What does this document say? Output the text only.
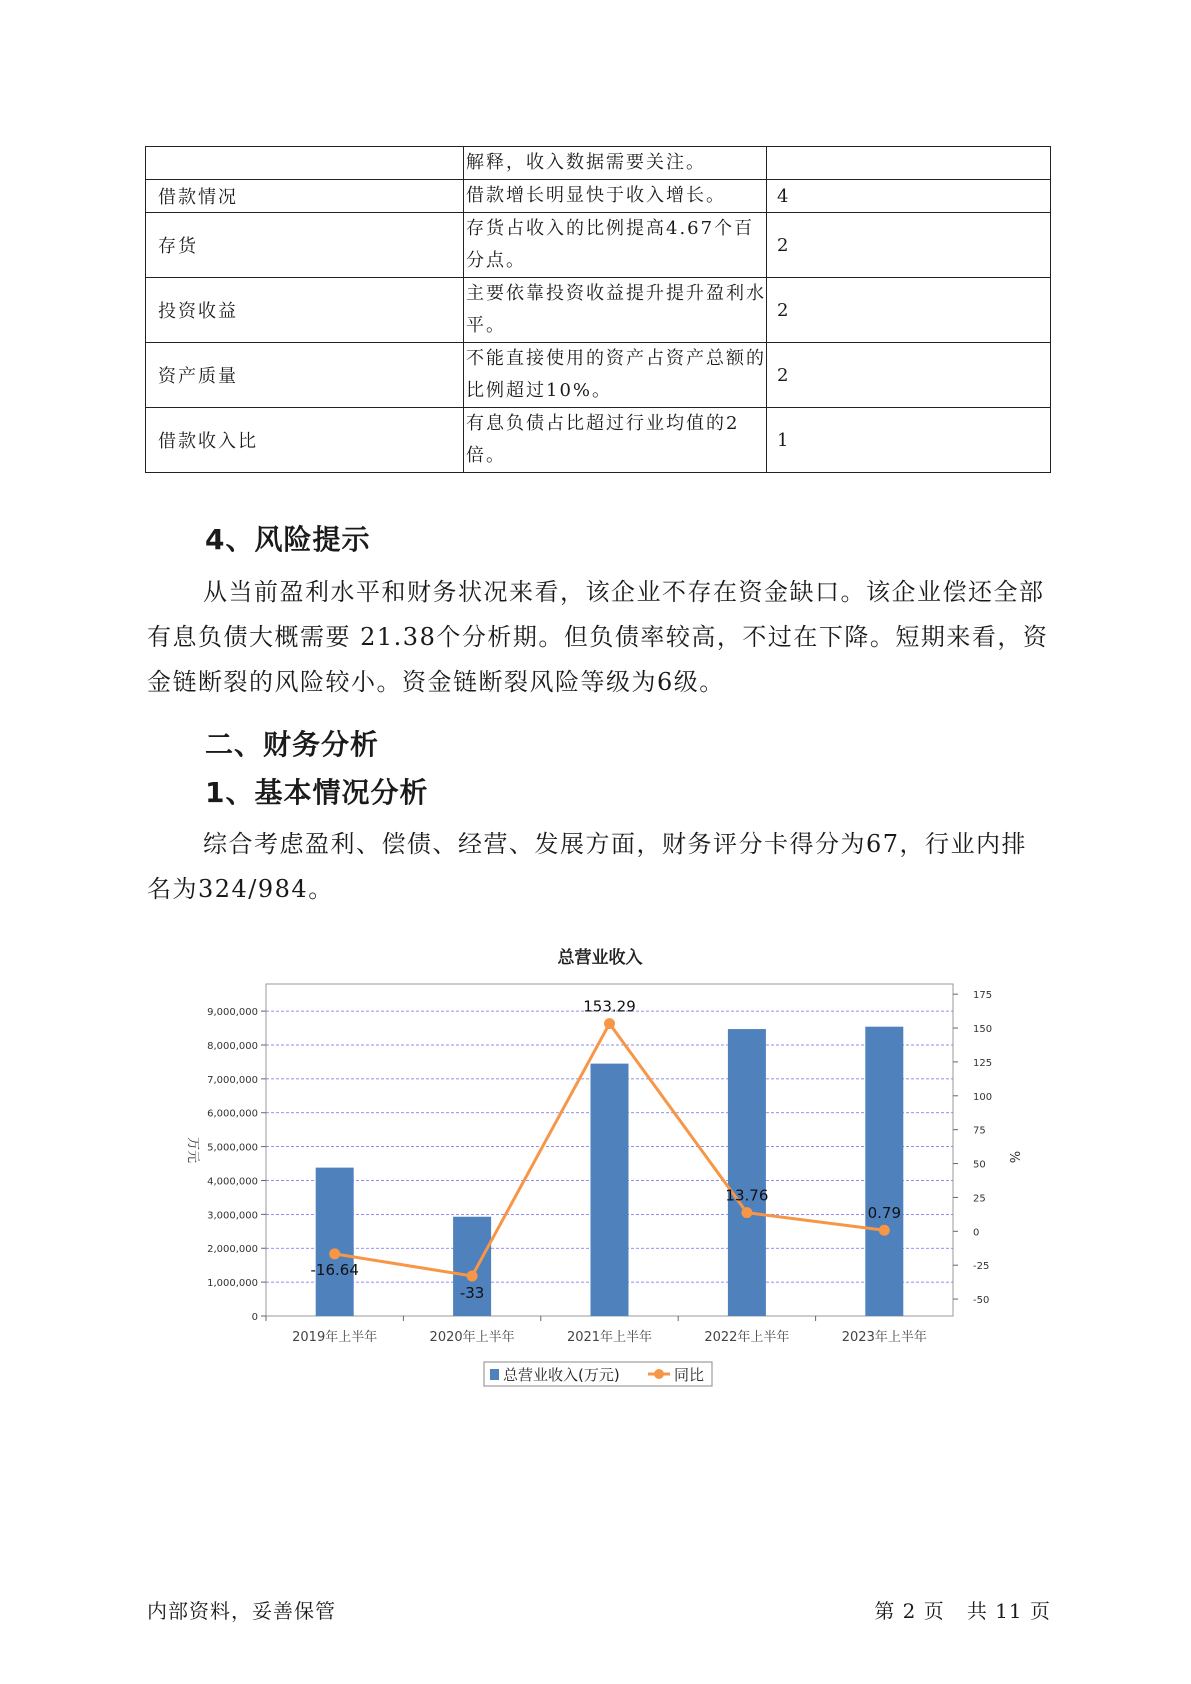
	解释，收入数据需要关注。	
借款情况	借款增长明显快于收入增长。	4
存货	存货占收入的比例提高4.67个百分点。	2
投资收益	主要依靠投资收益提升提升盈利水平。	2
资产质量	不能直接使用的资产占资产总额的比例超过10%。	2
借款收入比	有息负债占比超过行业均值的2倍。	1
4、风险提示
从当前盈利水平和财务状况来看，该企业不存在资金缺口。该企业偿还全部有息负债大概需要 21.38个分析期。但负债率较高，不过在下降。短期来看，资金链断裂的风险较小。资金链断裂风险等级为6级。
二、财务分析
1、基本情况分析
综合考虑盈利、偿债、经营、发展方面，财务评分卡得分为67，行业内排名为324/984。
总营业收入
万元	%
0
1,000,000
2,000,000
3,000,000
4,000,000
5,000,000
6,000,000
7,000,000
8,000,000
9,000,000
-50
-25
0
25
50
75
100
125
150
175
2019年上半年	2020年上半年	2021年上半年	2022年上半年	2023年上半年
-16.64
-33
153.29
13.76
0.79
总营业收入(万元)	同比
内部资料，妥善保管	第 2 页   共 11 页
